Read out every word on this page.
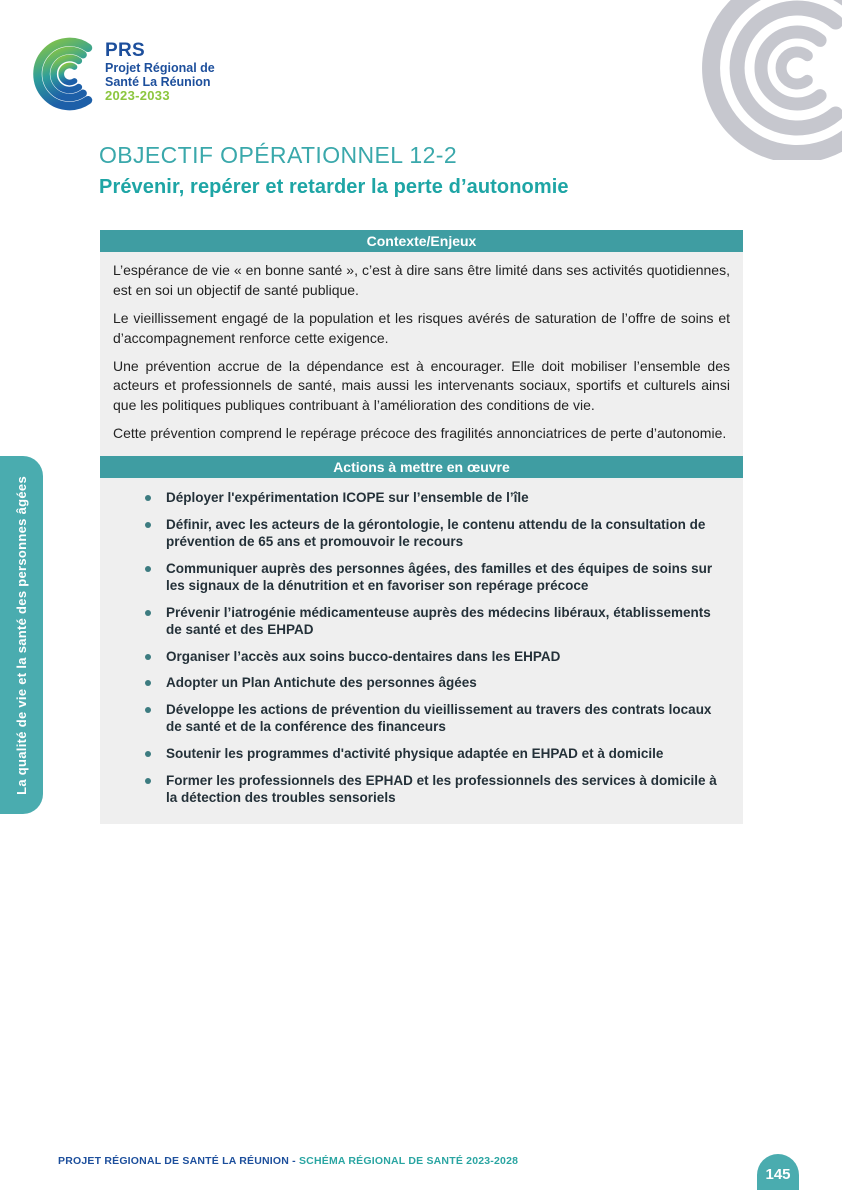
PRS
Projet Régional de
Santé La Réunion
2023-2033
OBJECTIF OPÉRATIONNEL 12-2
Prévenir, repérer et retarder la perte d’autonomie
Contexte/Enjeux

L’espérance de vie « en bonne santé », c’est à dire sans être limité dans ses activités quotidiennes, est en soi un objectif de santé publique.

Le vieillissement engagé de la population et les risques avérés de saturation de l’offre de soins et d’accompagnement renforce cette exigence.

Une prévention accrue de la dépendance est à encourager. Elle doit mobiliser l’ensemble des acteurs et professionnels de santé, mais aussi les intervenants sociaux, sportifs et culturels ainsi que les politiques publiques contribuant à l’amélioration des conditions de vie.

Cette prévention comprend le repérage précoce des fragilités annonciatrices de perte d’autonomie.

Actions à mettre en œuvre
Déployer l'expérimentation ICOPE sur l’ensemble de l’île
Définir, avec les acteurs de la gérontologie, le contenu attendu de la consultation de prévention de 65 ans et promouvoir le recours
Communiquer auprès des personnes âgées, des familles et des équipes de soins sur les signaux de la dénutrition et en favoriser son repérage précoce
Prévenir l’iatrogénie médicamenteuse auprès des médecins libéraux, établissements de santé et des EHPAD
Organiser l’accès aux soins bucco-dentaires dans les EHPAD
Adopter un Plan Antichute des personnes âgées
Développe les actions de prévention du vieillissement au travers des contrats locaux de santé et de la conférence des financeurs
Soutenir les programmes d'activité physique adaptée en EHPAD et à domicile
Former les professionnels des EPHAD et les professionnels des services à domicile à la détection des troubles sensoriels
La qualité de vie et la santé des personnes âgées
PROJET RÉGIONAL DE SANTÉ LA RÉUNION - SCHÉMA RÉGIONAL DE SANTÉ 2023-2028
145
